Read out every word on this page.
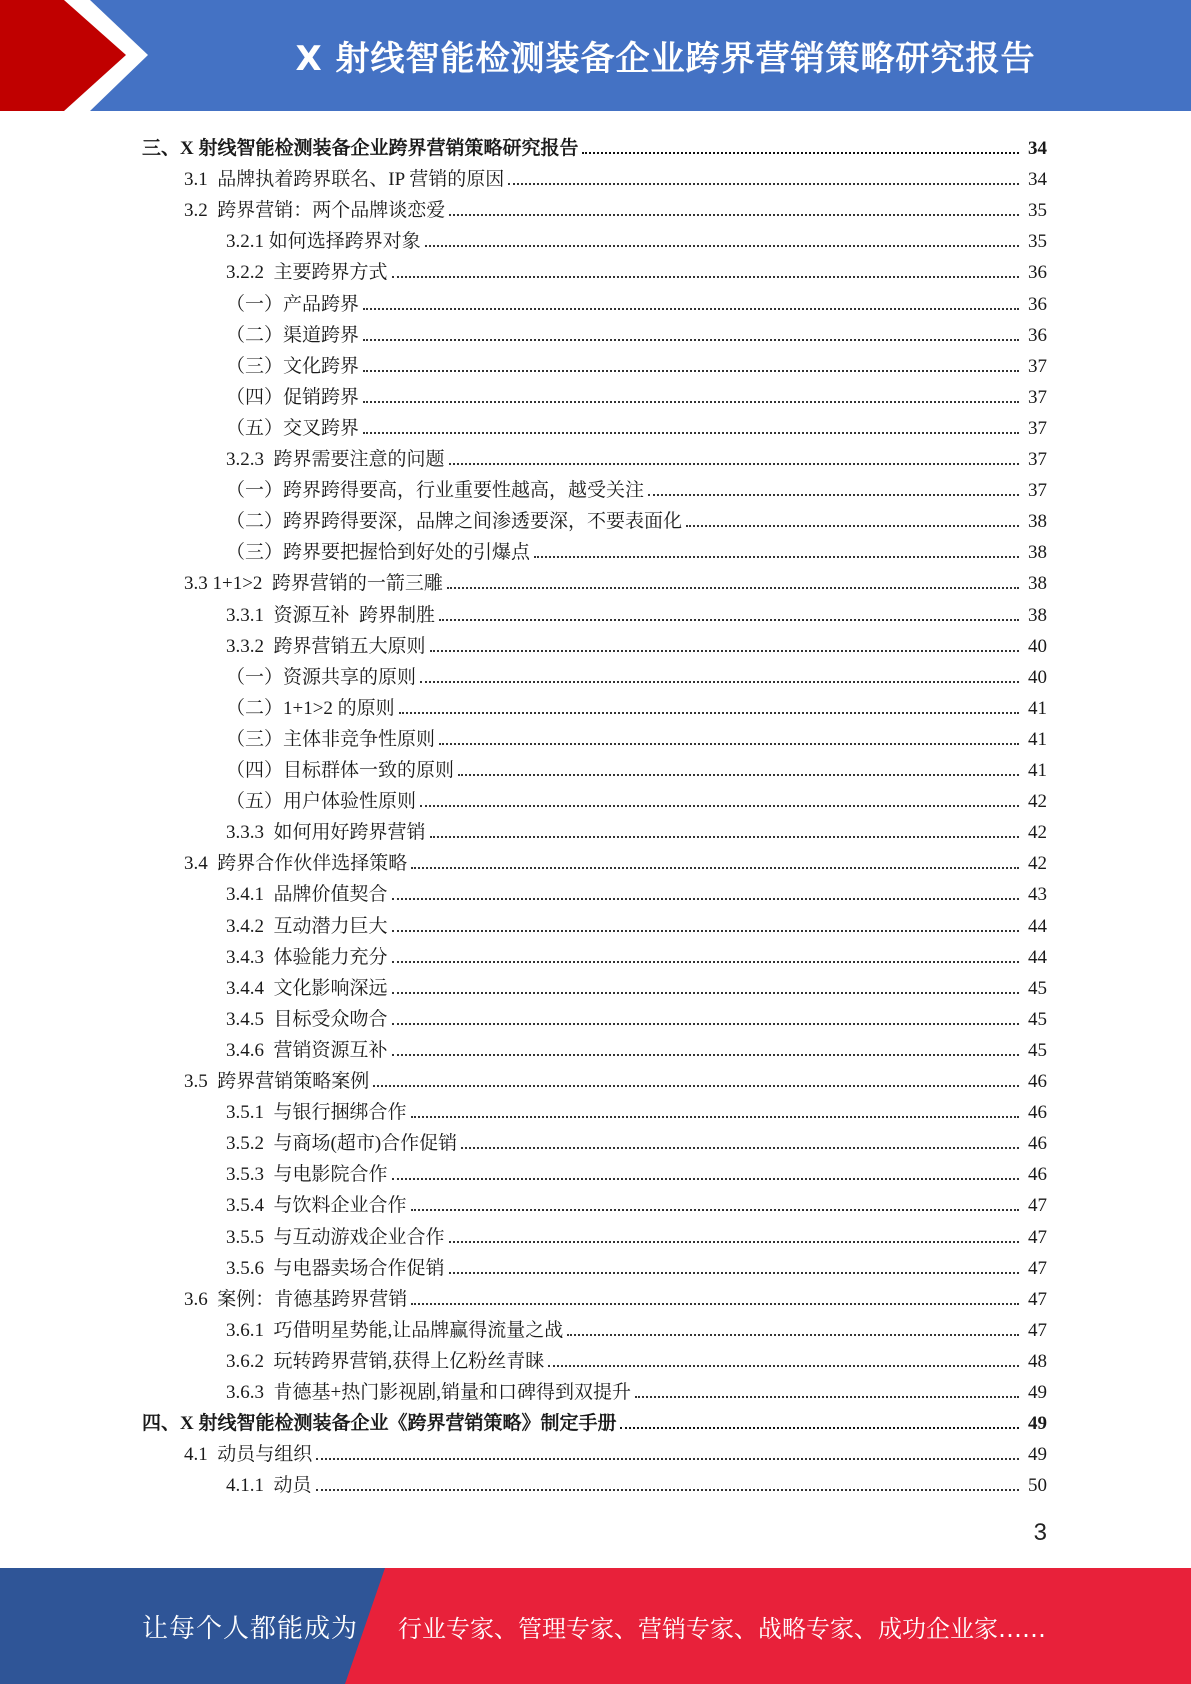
X 射线智能检测装备企业跨界营销策略研究报告
三、X 射线智能检测装备企业跨界营销策略研究报告	34
3.1  品牌执着跨界联名、IP 营销的原因	34
3.2  跨界营销：两个品牌谈恋爱	35
3.2.1 如何选择跨界对象	35
3.2.2  主要跨界方式	36
（一）产品跨界	36
（二）渠道跨界	36
（三）文化跨界	37
（四）促销跨界	37
（五）交叉跨界	37
3.2.3  跨界需要注意的问题	37
（一）跨界跨得要高，行业重要性越高，越受关注	37
（二）跨界跨得要深，品牌之间渗透要深，不要表面化	38
（三）跨界要把握恰到好处的引爆点	38
3.3 1+1>2  跨界营销的一箭三雕	38
3.3.1  资源互补  跨界制胜	38
3.3.2  跨界营销五大原则	40
（一）资源共享的原则	40
（二）1+1>2 的原则	41
（三）主体非竞争性原则	41
（四）目标群体一致的原则	41
（五）用户体验性原则	42
3.3.3  如何用好跨界营销	42
3.4  跨界合作伙伴选择策略	42
3.4.1  品牌价值契合	43
3.4.2  互动潜力巨大	44
3.4.3  体验能力充分	44
3.4.4  文化影响深远	45
3.4.5  目标受众吻合	45
3.4.6  营销资源互补	45
3.5  跨界营销策略案例	46
3.5.1  与银行捆绑合作	46
3.5.2  与商场(超市)合作促销	46
3.5.3  与电影院合作	46
3.5.4  与饮料企业合作	47
3.5.5  与互动游戏企业合作	47
3.5.6  与电器卖场合作促销	47
3.6  案例：肯德基跨界营销	47
3.6.1  巧借明星势能,让品牌赢得流量之战	47
3.6.2  玩转跨界营销,获得上亿粉丝青睐	48
3.6.3  肯德基+热门影视剧,销量和口碑得到双提升	49
四、X 射线智能检测装备企业《跨界营销策略》制定手册	49
4.1  动员与组织	49
4.1.1  动员	50
3
让每个人都能成为 行业专家、管理专家、营销专家、战略专家、成功企业家……
